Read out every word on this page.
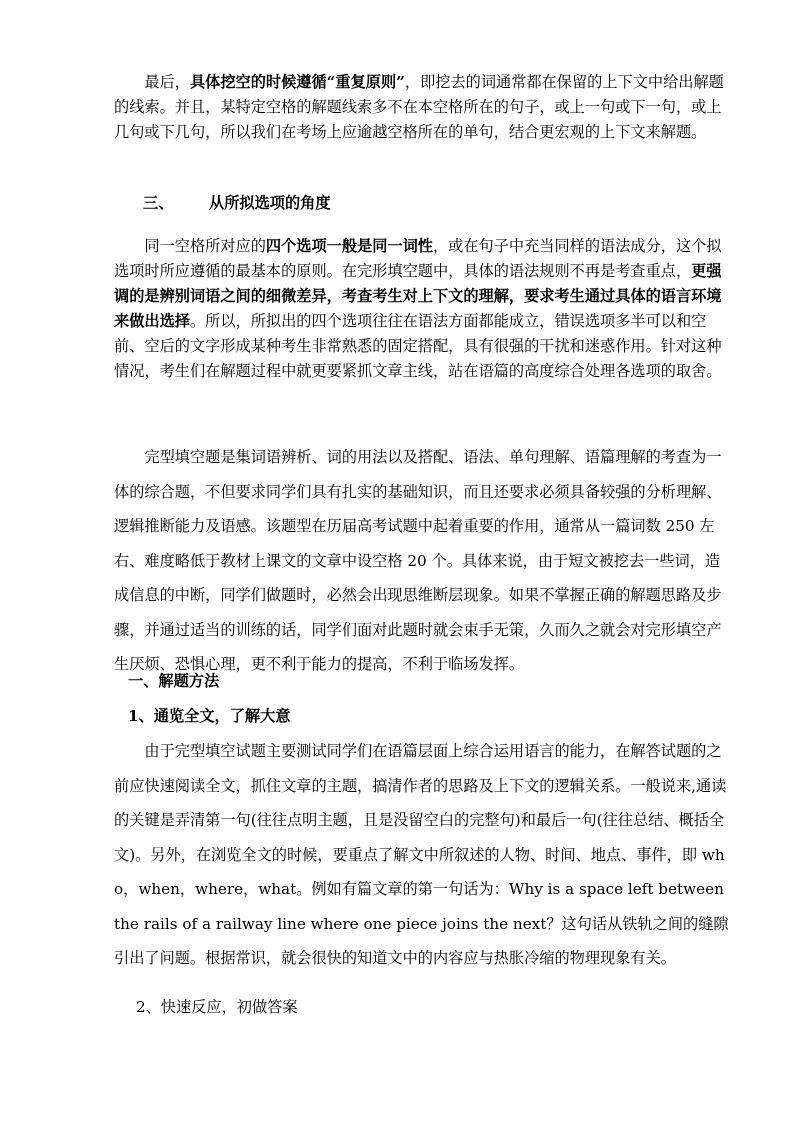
最后，具体挖空的时候遵循“重复原则”，即挖去的词通常都在保留的上下文中给出解题的线索。并且，某特定空格的解题线索多不在本空格所在的句子，或上一句或下一句，或上几句或下几句，所以我们在考场上应逾越空格所在的单句，结合更宏观的上下文来解题。

三、 从所拟选项的角度

同一空格所对应的四个选项一般是同一词性，或在句子中充当同样的语法成分，这个拟选项时所应遵循的最基本的原则。在完形填空题中，具体的语法规则不再是考查重点，更强调的是辨别词语之间的细微差异，考查考生对上下文的理解，要求考生通过具体的语言环境来做出选择。所以，所拟出的四个选项往往在语法方面都能成立，错误选项多半可以和空前、空后的文字形成某种考生非常熟悉的固定搭配，具有很强的干扰和迷惑作用。针对这种情况，考生们在解题过程中就更要紧抓文章主线，站在语篇的高度综合处理各选项的取舍。

完型填空题是集词语辨析、词的用法以及搭配、语法、单句理解、语篇理解的考查为一体的综合题，不但要求同学们具有扎实的基础知识，而且还要求必须具备较强的分析理解、逻辑推断能力及语感。该题型在历届高考试题中起着重要的作用，通常从一篇词数 250 左右、难度略低于教材上课文的文章中设空格 20 个。具体来说，由于短文被挖去一些词，造成信息的中断，同学们做题时，必然会出现思维断层现象。如果不掌握正确的解题思路及步骤，并通过适当的训练的话，同学们面对此题时就会束手无策，久而久之就会对完形填空产生厌烦、恐惧心理，更不利于能力的提高，不利于临场发挥。

一、解题方法
1、通览全文，了解大意

由于完型填空试题主要测试同学们在语篇层面上综合运用语言的能力，在解答试题的之前应快速阅读全文，抓住文章的主题，搞清作者的思路及上下文的逻辑关系。一般说来,通读的关键是弄清第一句(往往点明主题，且是没留空白的完整句)和最后一句(往往总结、概括全文)。另外，在浏览全文的时候，要重点了解文中所叙述的人物、时间、地点、事件，即 who，when，where，what。例如有篇文章的第一句话为：Why is a space left between the rails of a railway line where one piece joins the next？这句话从铁轨之间的缝隙引出了问题。根据常识，就会很快的知道文中的内容应与热胀冷缩的物理现象有关。

2、快速反应，初做答案
